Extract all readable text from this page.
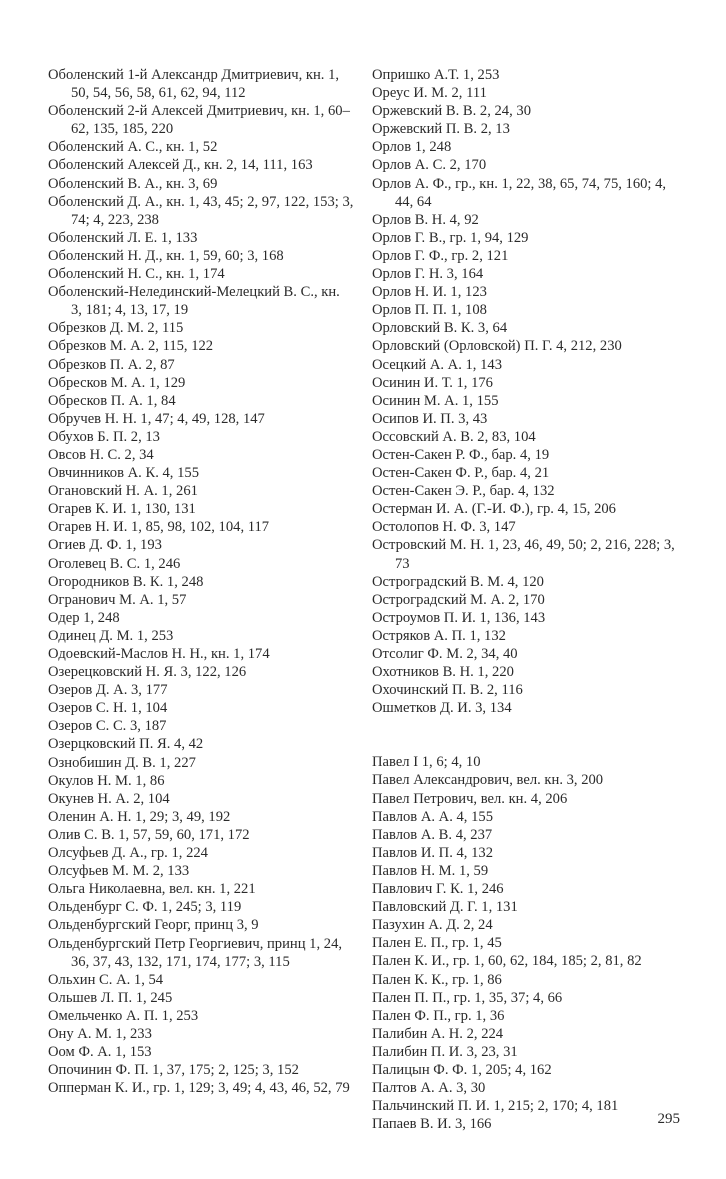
Оболенский 1-й Александр Дмитриевич, кн. 1, 50, 54, 56, 58, 61, 62, 94, 112

Оболенский 2-й Алексей Дмитриевич, кн. 1, 60–62, 135, 185, 220

Оболенский А. С., кн. 1, 52

Оболенский Алексей Д., кн. 2, 14, 111, 163

Оболенский В. А., кн. 3, 69

Оболенский Д. А., кн. 1, 43, 45; 2, 97, 122, 153; 3, 74; 4, 223, 238

Оболенский Л. Е. 1, 133

Оболенский Н. Д., кн. 1, 59, 60; 3, 168

Оболенский Н. С., кн. 1, 174

Оболенский-Нелединский-Мелецкий В. С., кн. 3, 181; 4, 13, 17, 19

Обрезков Д. М. 2, 115

Обрезков М. А. 2, 115, 122

Обрезков П. А. 2, 87

Обресков М. А. 1, 129

Обресков П. А. 1, 84

Обручев Н. Н. 1, 47; 4, 49, 128, 147

Обухов Б. П. 2, 13

Овсов Н. С. 2, 34

Овчинников А. К. 4, 155

Огановский Н. А. 1, 261

Огарев К. И. 1, 130, 131

Огарев Н. И. 1, 85, 98, 102, 104, 117

Огиев Д. Ф. 1, 193

Оголевец В. С. 1, 246

Огородников В. К. 1, 248

Огранович М. А. 1, 57

Одер 1, 248

Одинец Д. М. 1, 253

Одоевский-Маслов Н. Н., кн. 1, 174

Озерецковский Н. Я. 3, 122, 126

Озеров Д. А. 3, 177

Озеров С. Н. 1, 104

Озеров С. С. 3, 187

Озерцковский П. Я. 4, 42

Ознобишин Д. В. 1, 227

Окулов Н. М. 1, 86

Окунев Н. А. 2, 104

Оленин А. Н. 1, 29; 3, 49, 192

Олив С. В. 1, 57, 59, 60, 171, 172

Олсуфьев Д. А., гр. 1, 224

Олсуфьев М. М. 2, 133

Ольга Николаевна, вел. кн. 1, 221

Ольденбург С. Ф. 1, 245; 3, 119

Ольденбургский Георг, принц 3, 9

Ольденбургский Петр Георгиевич, принц 1, 24, 36, 37, 43, 132, 171, 174, 177; 3, 115

Ольхин С. А. 1, 54

Ольшев Л. П. 1, 245

Омельченко А. П. 1, 253

Ону А. М. 1, 233

Оом Ф. А. 1, 153

Опочинин Ф. П. 1, 37, 175; 2, 125; 3, 152

Опперман К. И., гр. 1, 129; 3, 49; 4, 43, 46, 52, 79

Опришко А.Т. 1, 253

Ореус И. М. 2, 111

Оржевский В. В. 2, 24, 30

Оржевский П. В. 2, 13

Орлов 1, 248

Орлов А. С. 2, 170

Орлов А. Ф., гр., кн. 1, 22, 38, 65, 74, 75, 160; 4, 44, 64

Орлов В. Н. 4, 92

Орлов Г. В., гр. 1, 94, 129

Орлов Г. Ф., гр. 2, 121

Орлов Г. Н. 3, 164

Орлов Н. И. 1, 123

Орлов П. П. 1, 108

Орловский В. К. 3, 64

Орловский (Орловской) П. Г. 4, 212, 230

Осецкий А. А. 1, 143

Осинин И. Т. 1, 176

Осинин М. А. 1, 155

Осипов И. П. 3, 43

Оссовский А. В. 2, 83, 104

Остен-Сакен Р. Ф., бар. 4, 19

Остен-Сакен Ф. Р., бар. 4, 21

Остен-Сакен Э. Р., бар. 4, 132

Остерман И. А. (Г.-И. Ф.), гр. 4, 15, 206

Остолопов Н. Ф. 3, 147

Островский М. Н. 1, 23, 46, 49, 50; 2, 216, 228; 3, 73

Остроградский В. М. 4, 120

Остроградский М. А. 2, 170

Остроумов П. И. 1, 136, 143

Остряков А. П. 1, 132

Отсолиг Ф. М. 2, 34, 40

Охотников В. Н. 1, 220

Охочинский П. В. 2, 116

Ошметков Д. И. 3, 134

Павел I 1, 6; 4, 10

Павел Александрович, вел. кн. 3, 200

Павел Петрович, вел. кн. 4, 206

Павлов А. А. 4, 155

Павлов А. В. 4, 237

Павлов И. П. 4, 132

Павлов Н. М. 1, 59

Павлович Г. К. 1, 246

Павловский Д. Г. 1, 131

Пазухин А. Д. 2, 24

Пален Е. П., гр. 1, 45

Пален К. И., гр. 1, 60, 62, 184, 185; 2, 81, 82

Пален К. К., гр. 1, 86

Пален П. П., гр. 1, 35, 37; 4, 66

Пален Ф. П., гр. 1, 36

Палибин А. Н. 2, 224

Палибин П. И. 3, 23, 31

Палицын Ф. Ф. 1, 205; 4, 162

Палтов А. А. 3, 30

Пальчинский П. И. 1, 215; 2, 170; 4, 181

Папаев В. И. 3, 166	295
